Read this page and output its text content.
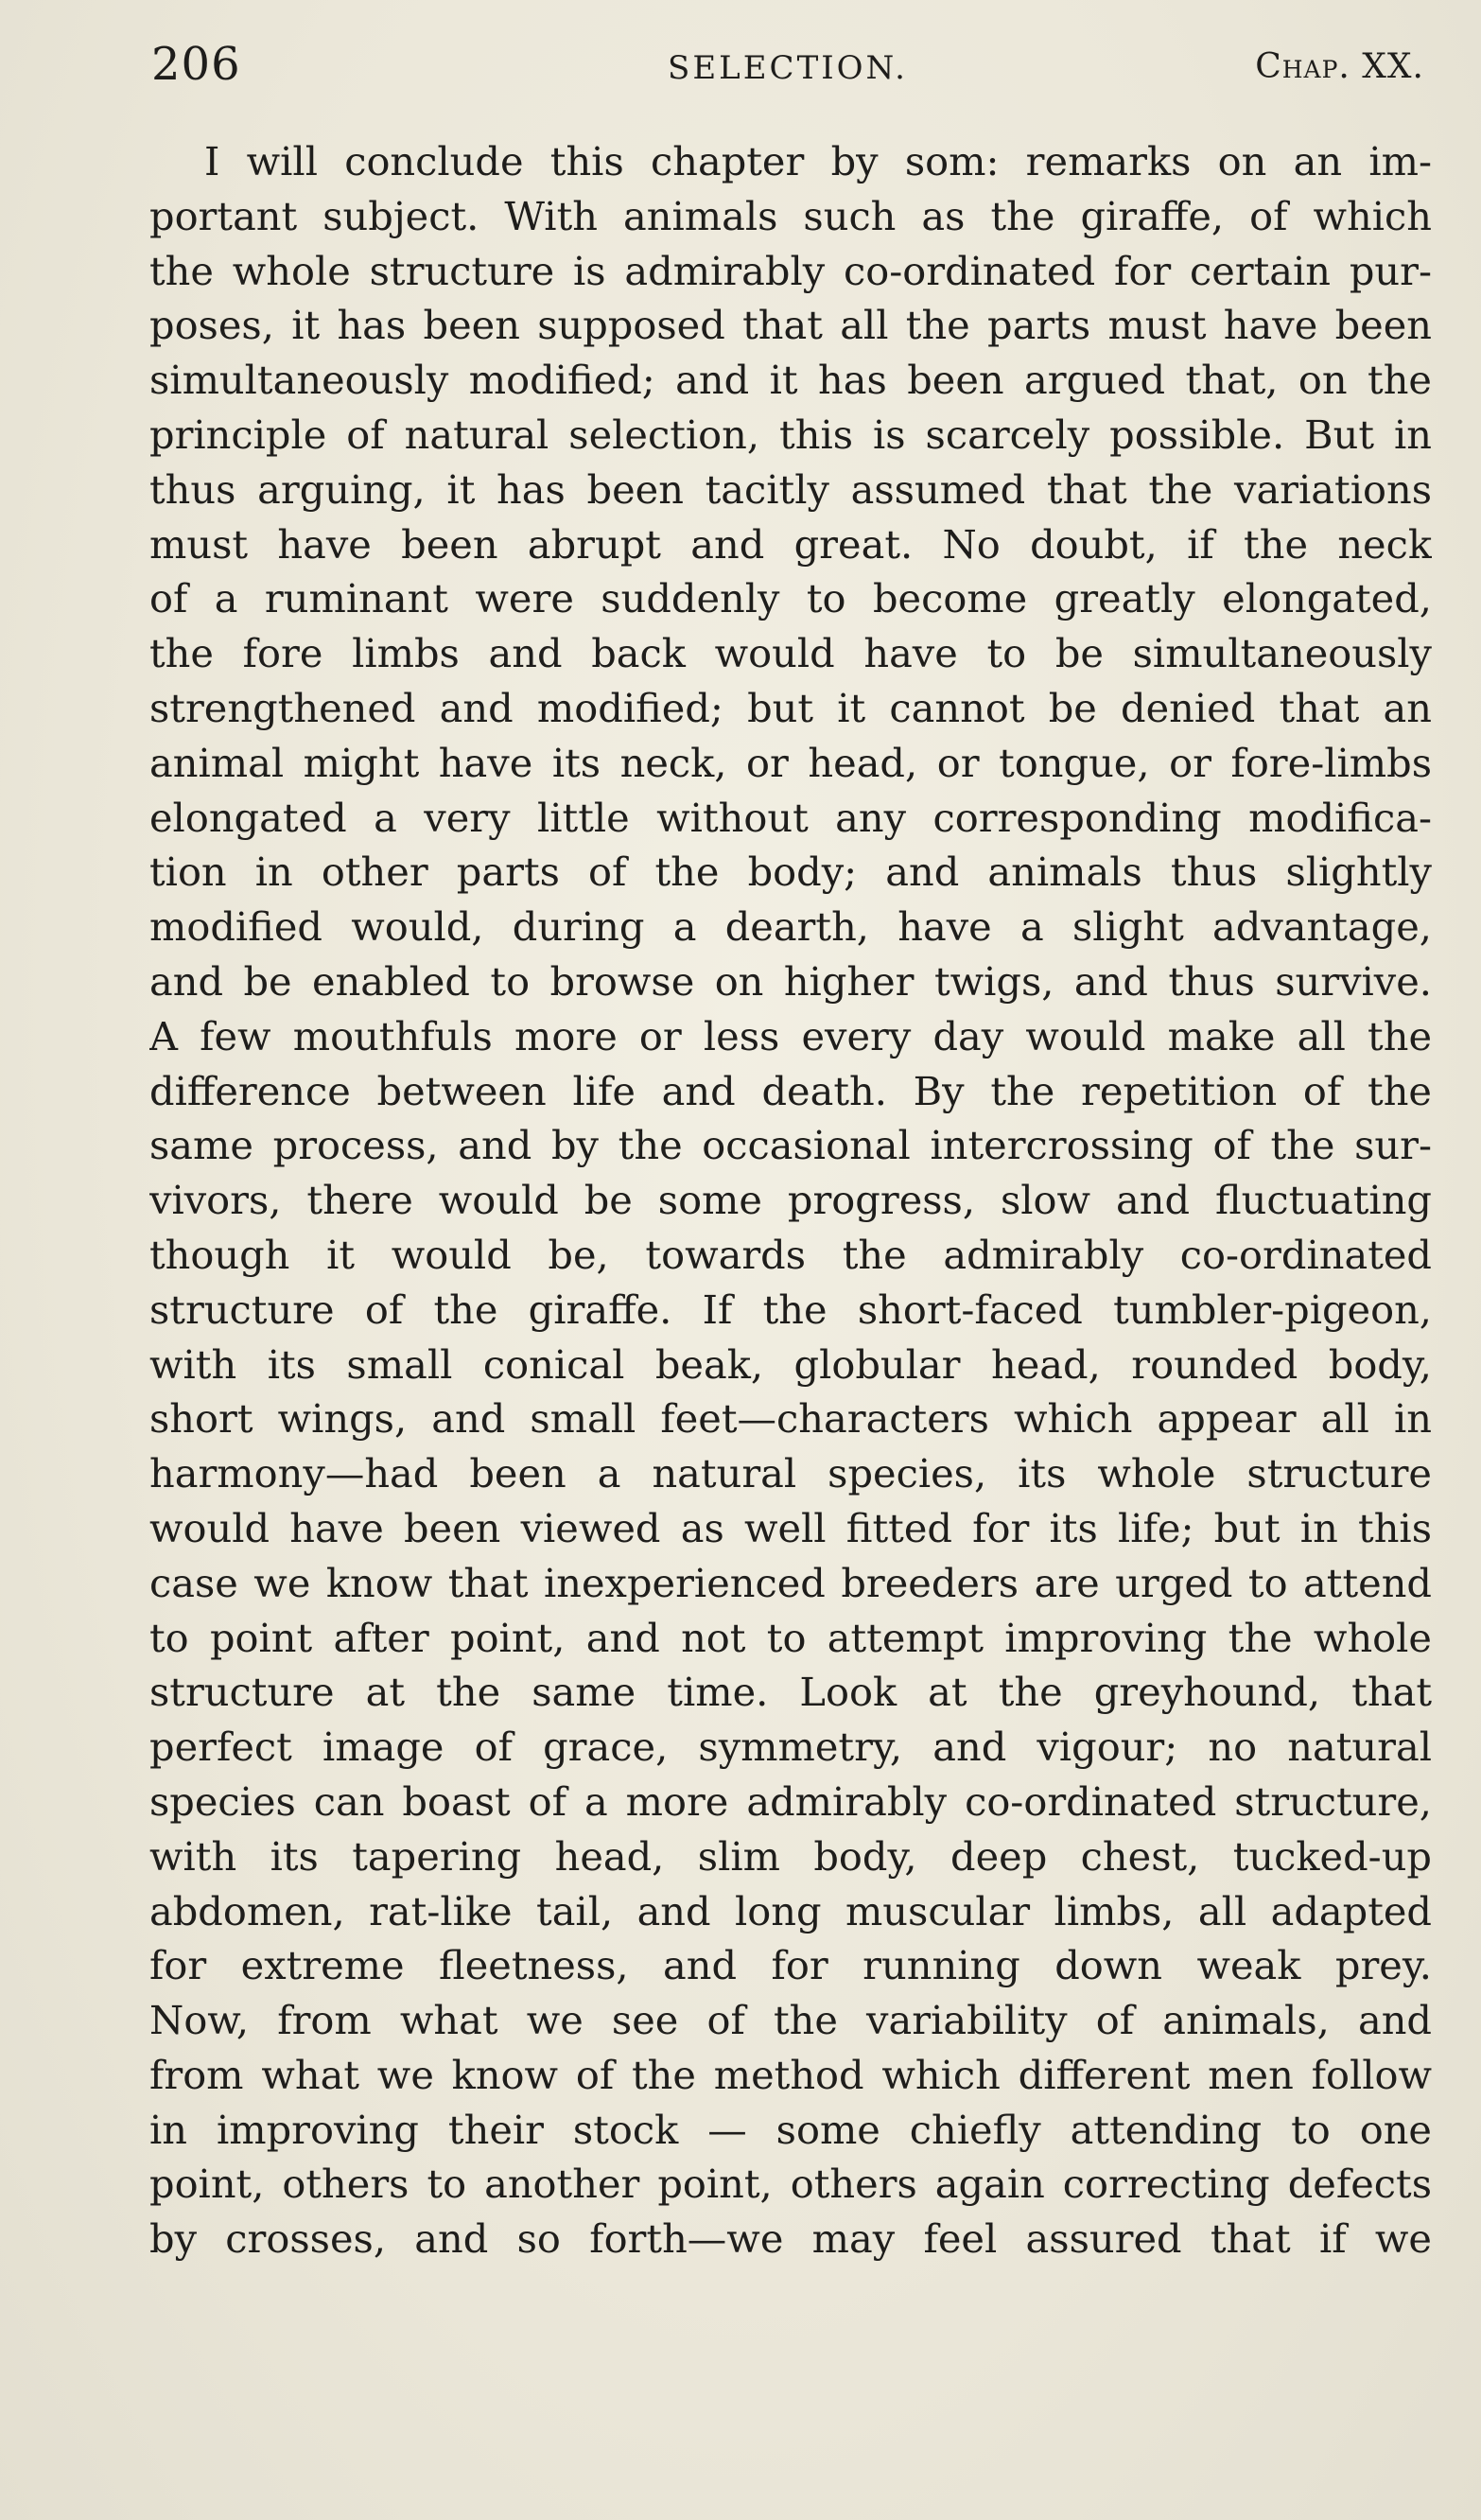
206	SELECTION.	Chap. XX.
I will conclude this chapter by som: remarks on an im-
portant subject. With animals such as the giraffe, of which
the whole structure is admirably co-ordinated for certain pur-
poses, it has been supposed that all the parts must have been
simultaneously modified; and it has been argued that, on the
principle of natural selection, this is scarcely possible. But in
thus arguing, it has been tacitly assumed that the variations
must have been abrupt and great. No doubt, if the neck
of a ruminant were suddenly to become greatly elongated,
the fore limbs and back would have to be simultaneously
strengthened and modified; but it cannot be denied that an
animal might have its neck, or head, or tongue, or fore-limbs
elongated a very little without any corresponding modifica-
tion in other parts of the body; and animals thus slightly
modified would, during a dearth, have a slight advantage,
and be enabled to browse on higher twigs, and thus survive.
A few mouthfuls more or less every day would make all the
difference between life and death. By the repetition of the
same process, and by the occasional intercrossing of the sur-
vivors, there would be some progress, slow and fluctuating
though it would be, towards the admirably co-ordinated
structure of the giraffe. If the short-faced tumbler-pigeon,
with its small conical beak, globular head, rounded body,
short wings, and small feet—characters which appear all in
harmony—had been a natural species, its whole structure
would have been viewed as well fitted for its life; but in this
case we know that inexperienced breeders are urged to attend
to point after point, and not to attempt improving the whole
structure at the same time. Look at the greyhound, that
perfect image of grace, symmetry, and vigour; no natural
species can boast of a more admirably co-ordinated structure,
with its tapering head, slim body, deep chest, tucked-up
abdomen, rat-like tail, and long muscular limbs, all adapted
for extreme fleetness, and for running down weak prey.
Now, from what we see of the variability of animals, and
from what we know of the method which different men follow
in improving their stock — some chiefly attending to one
point, others to another point, others again correcting defects
by crosses, and so forth—we may feel assured that if we
